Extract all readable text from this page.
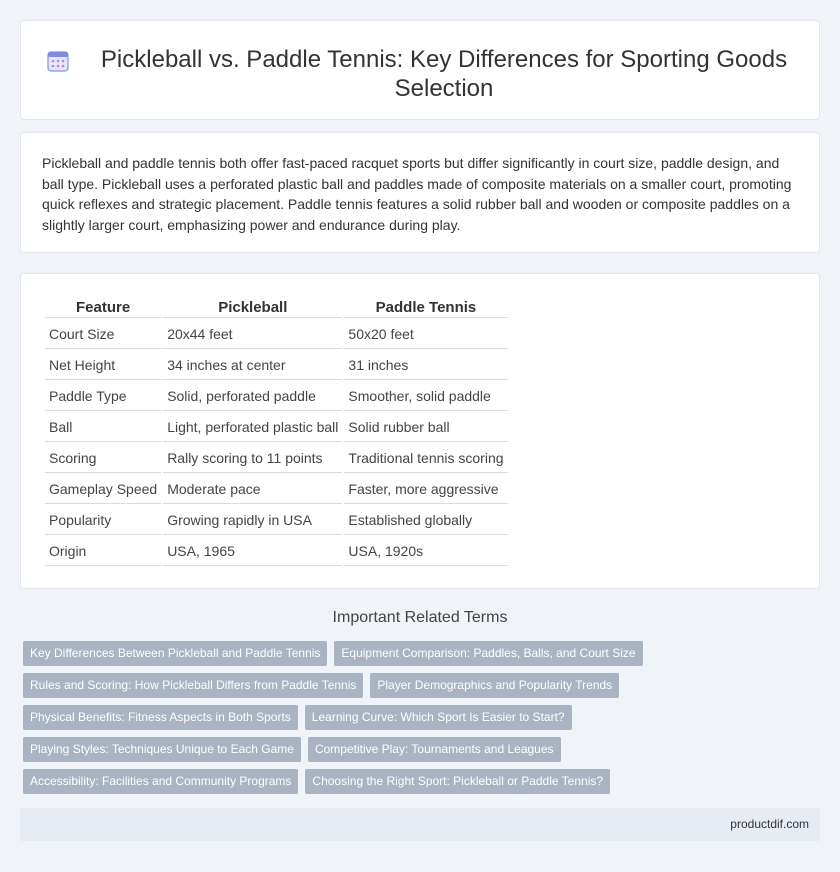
Pickleball vs. Paddle Tennis: Key Differences for Sporting Goods Selection

Pickleball and paddle tennis both offer fast-paced racquet sports but differ significantly in court size, paddle design, and ball type. Pickleball uses a perforated plastic ball and paddles made of composite materials on a smaller court, promoting quick reflexes and strategic placement. Paddle tennis features a solid rubber ball and wooden or composite paddles on a slightly larger court, emphasizing power and endurance during play.

Feature	Pickleball	Paddle Tennis
Court Size	20x44 feet	50x20 feet
Net Height	34 inches at center	31 inches
Paddle Type	Solid, perforated paddle	Smoother, solid paddle
Ball	Light, perforated plastic ball	Solid rubber ball
Scoring	Rally scoring to 11 points	Traditional tennis scoring
Gameplay Speed	Moderate pace	Faster, more aggressive
Popularity	Growing rapidly in USA	Established globally
Origin	USA, 1965	USA, 1920s
Important Related Terms
Key Differences Between Pickleball and Paddle Tennis	Equipment Comparison: Paddles, Balls, and Court Size
Rules and Scoring: How Pickleball Differs from Paddle Tennis	Player Demographics and Popularity Trends
Physical Benefits: Fitness Aspects in Both Sports	Learning Curve: Which Sport Is Easier to Start?
Playing Styles: Techniques Unique to Each Game	Competitive Play: Tournaments and Leagues
Accessibility: Facilities and Community Programs	Choosing the Right Sport: Pickleball or Paddle Tennis?
productdif.com
